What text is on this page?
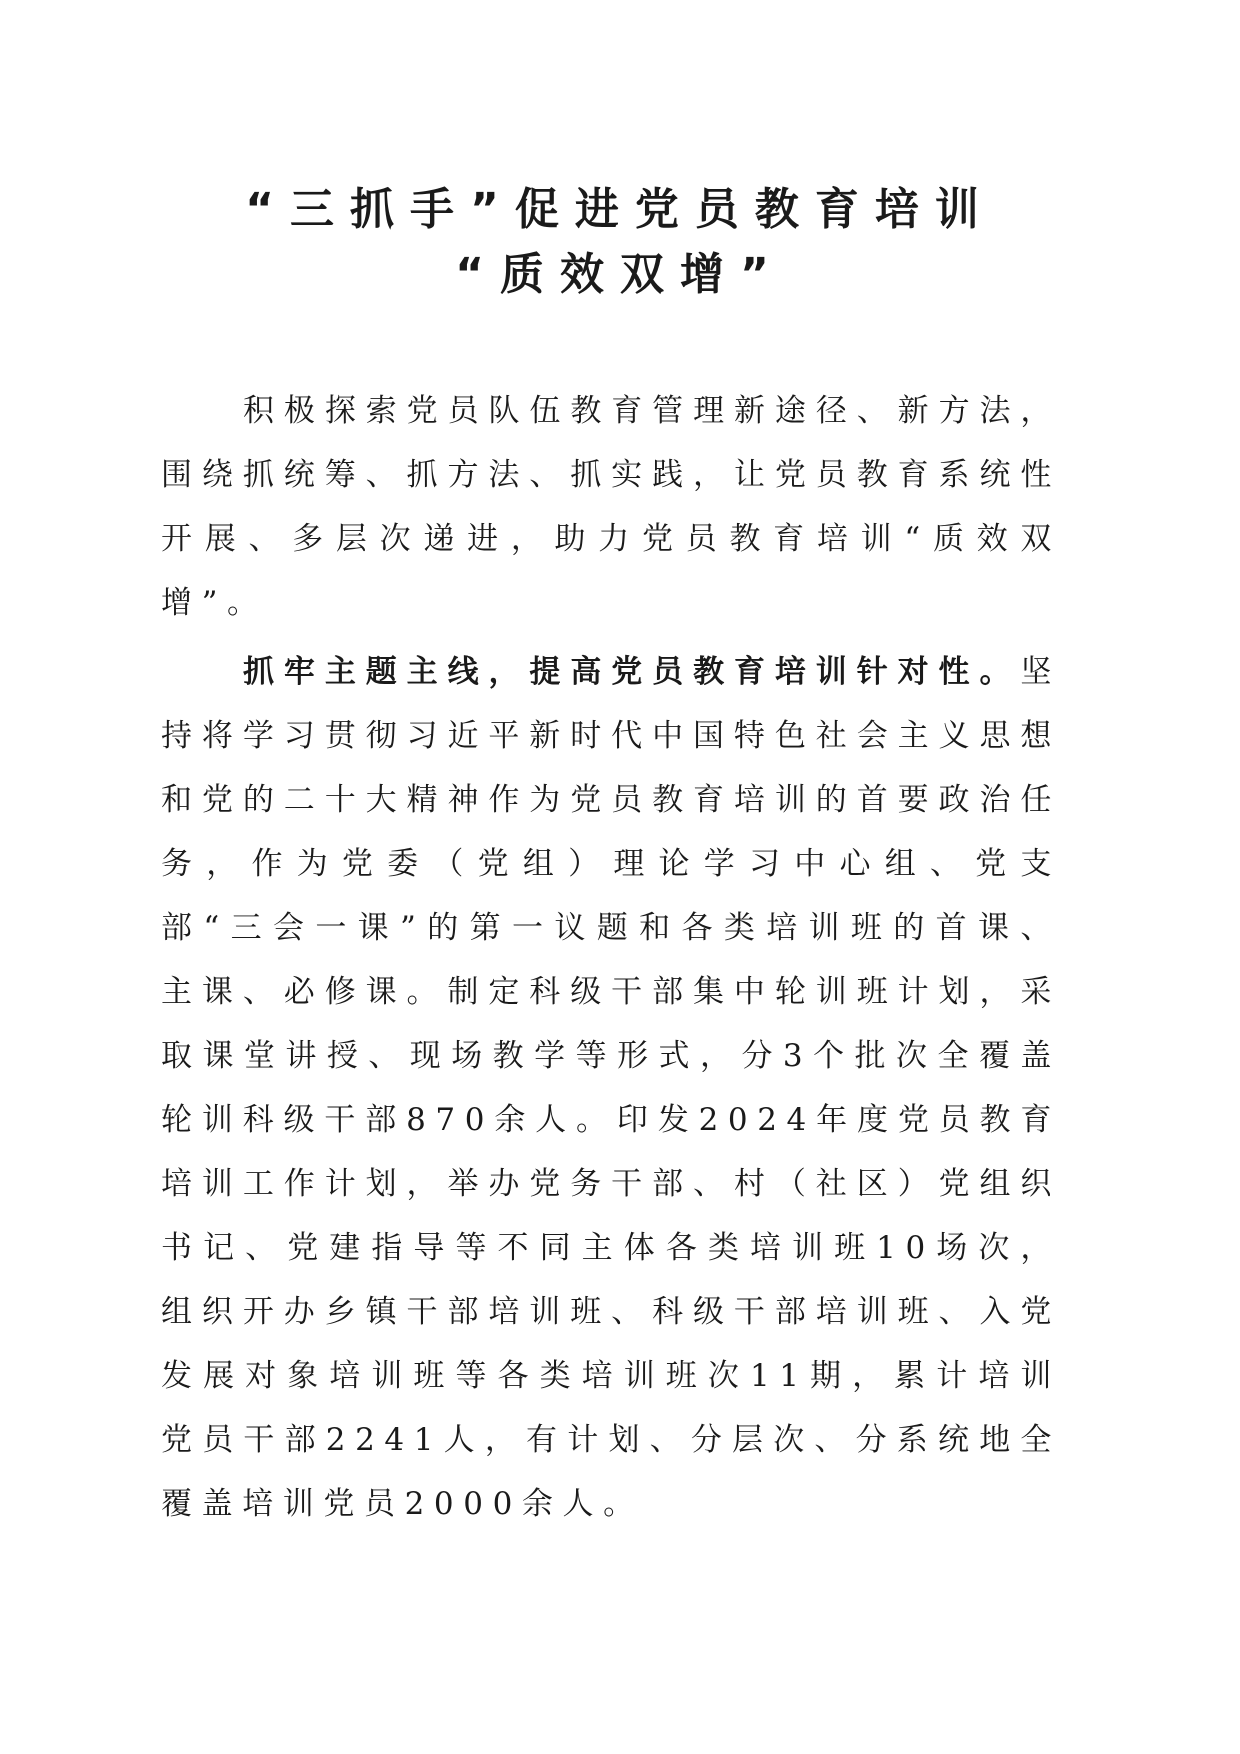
“三抓手”促进党员教育培训
“质效双增”

积极探索党员队伍教育管理新途径、新方法，围绕抓统筹、抓方法、抓实践，让党员教育系统性开展、多层次递进，助力党员教育培训“质效双增”。

抓牢主题主线，提高党员教育培训针对性。坚持将学习贯彻习近平新时代中国特色社会主义思想和党的二十大精神作为党员教育培训的首要政治任务，作为党委（党组）理论学习中心组、党支部“三会一课”的第一议题和各类培训班的首课、主课、必修课。制定科级干部集中轮训班计划，采取课堂讲授、现场教学等形式，分3个批次全覆盖轮训科级干部870余人。印发2024年度党员教育培训工作计划，举办党务干部、村（社区）党组织书记、党建指导等不同主体各类培训班10场次，组织开办乡镇干部培训班、科级干部培训班、入党发展对象培训班等各类培训班次11期，累计培训党员干部2241人，有计划、分层次、分系统地全覆盖培训党员2000余人。
